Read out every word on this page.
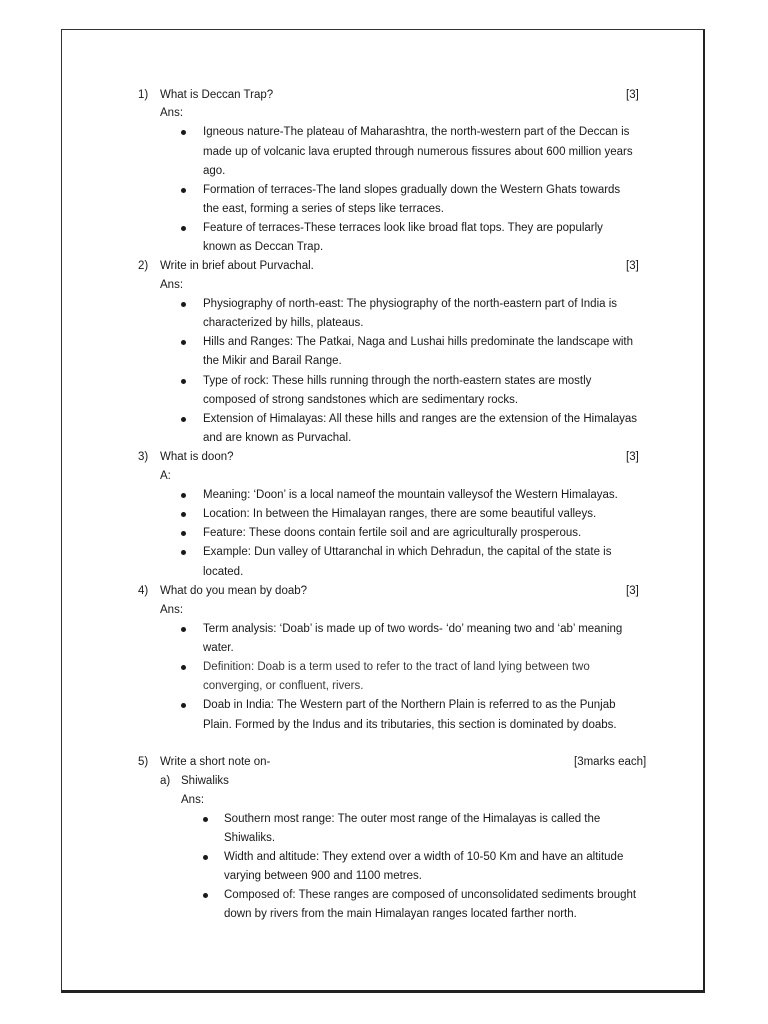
1) What is Deccan Trap?	[3]
Ans:
Igneous nature-The plateau of Maharashtra, the north-western part of the Deccan is
made up of volcanic lava erupted through numerous fissures about 600 million years
ago.
Formation of terraces-The land slopes gradually down the Western Ghats towards
the east, forming a series of steps like terraces.
Feature of terraces-These terraces look like broad flat tops. They are popularly
known as Deccan Trap.
2) Write in brief about Purvachal.	[3]
Ans:
Physiography of north-east: The physiography of the north-eastern part of India is
characterized by hills, plateaus.
Hills and Ranges: The Patkai, Naga and Lushai hills predominate the landscape with
the Mikir and Barail Range.
Type of rock: These hills running through the north-eastern states are mostly
composed of strong sandstones which are sedimentary rocks.
Extension of Himalayas: All these hills and ranges are the extension of the Himalayas
and are known as Purvachal.
3) What is doon?	[3]
A:
Meaning: ‘Doon’ is a local nameof the mountain valleysof the Western Himalayas.
Location: In between the Himalayan ranges, there are some beautiful valleys.
Feature: These doons contain fertile soil and are agriculturally prosperous.
Example: Dun valley of Uttaranchal in which Dehradun, the capital of the state is
located.
4) What do you mean by doab?	[3]
Ans:
Term analysis: ‘Doab’ is made up of two words- ‘do’ meaning two and ‘ab’ meaning
water.
Definition: Doab is a term used to refer to the tract of land lying between two
converging, or confluent, rivers.
Doab in India: The Western part of the Northern Plain is referred to as the Punjab
Plain. Formed by the Indus and its tributaries, this section is dominated by doabs.
5) Write a short note on-	[3marks each]
a) Shiwaliks
Ans:
Southern most range: The outer most range of the Himalayas is called the
Shiwaliks.
Width and altitude: They extend over a width of 10-50 Km and have an altitude
varying between 900 and 1100 metres.
Composed of: These ranges are composed of unconsolidated sediments brought
down by rivers from the main Himalayan ranges located farther north.
